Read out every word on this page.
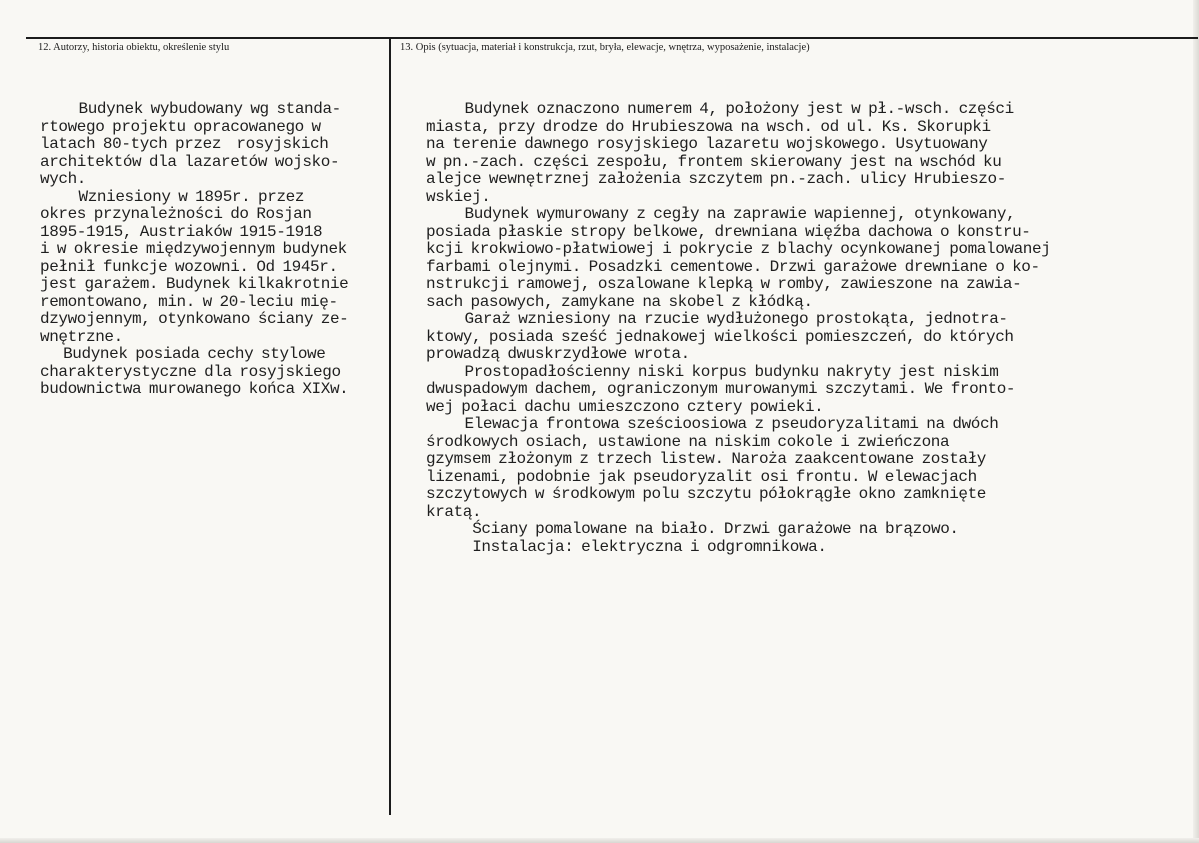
12. Autorzy, historia obiektu, określenie stylu	13. Opis (sytuacja, materiał i konstrukcja, rzut, bryła, elewacje, wnętrza, wyposażenie, instalacje)
Budynek wybudowany wg standa-
rtowego projektu opracowanego w
latach 80-tych przez  rosyjskich
architektów dla lazaretów wojsko-
wych.
Wzniesiony w 1895r. przez
okres przynależności do Rosjan
1895-1915, Austriaków 1915-1918
i w okresie międzywojennym budynek
pełnił funkcje wozowni. Od 1945r.
jest garażem. Budynek kilkakrotnie
remontowano, min. w 20-leciu mię-
dzywojennym, otynkowano ściany ze-
wnętrzne.
Budynek posiada cechy stylowe
charakterystyczne dla rosyjskiego
budownictwa murowanego końca XIXw.
Budynek oznaczono numerem 4, położony jest w pł.-wsch. części
miasta, przy drodze do Hrubieszowa na wsch. od ul. Ks. Skorupki
na terenie dawnego rosyjskiego lazaretu wojskowego. Usytuowany
w pn.-zach. części zespołu, frontem skierowany jest na wschód ku
alejce wewnętrznej założenia szczytem pn.-zach. ulicy Hrubieszo-
wskiej.
Budynek wymurowany z cegły na zaprawie wapiennej, otynkowany,
posiada płaskie stropy belkowe, drewniana więźba dachowa o konstru-
kcji krokwiowo-płatwiowej i pokrycie z blachy ocynkowanej pomalowanej
farbami olejnymi. Posadzki cementowe. Drzwi garażowe drewniane o ko-
nstrukcji ramowej, oszalowane klepką w romby, zawieszone na zawia-
sach pasowych, zamykane na skobel z kłódką.
Garaż wzniesiony na rzucie wydłużonego prostokąta, jednotra-
ktowy, posiada sześć jednakowej wielkości pomieszczeń, do których
prowadzą dwuskrzydłowe wrota.
Prostopadłościenny niski korpus budynku nakryty jest niskim
dwuspadowym dachem, ograniczonym murowanymi szczytami. We fronto-
wej połaci dachu umieszczono cztery powieki.
Elewacja frontowa sześcioosiowa z pseudoryzalitami na dwóch
środkowych osiach, ustawione na niskim cokole i zwieńczona
gzymsem złożonym z trzech listew. Naroża zaakcentowane zostały
lizenami, podobnie jak pseudoryzalit osi frontu. W elewacjach
szczytowych w środkowym polu szczytu półokrągłe okno zamknięte
kratą.
Ściany pomalowane na biało. Drzwi garażowe na brązowo.
Instalacja: elektryczna i odgromnikowa.
